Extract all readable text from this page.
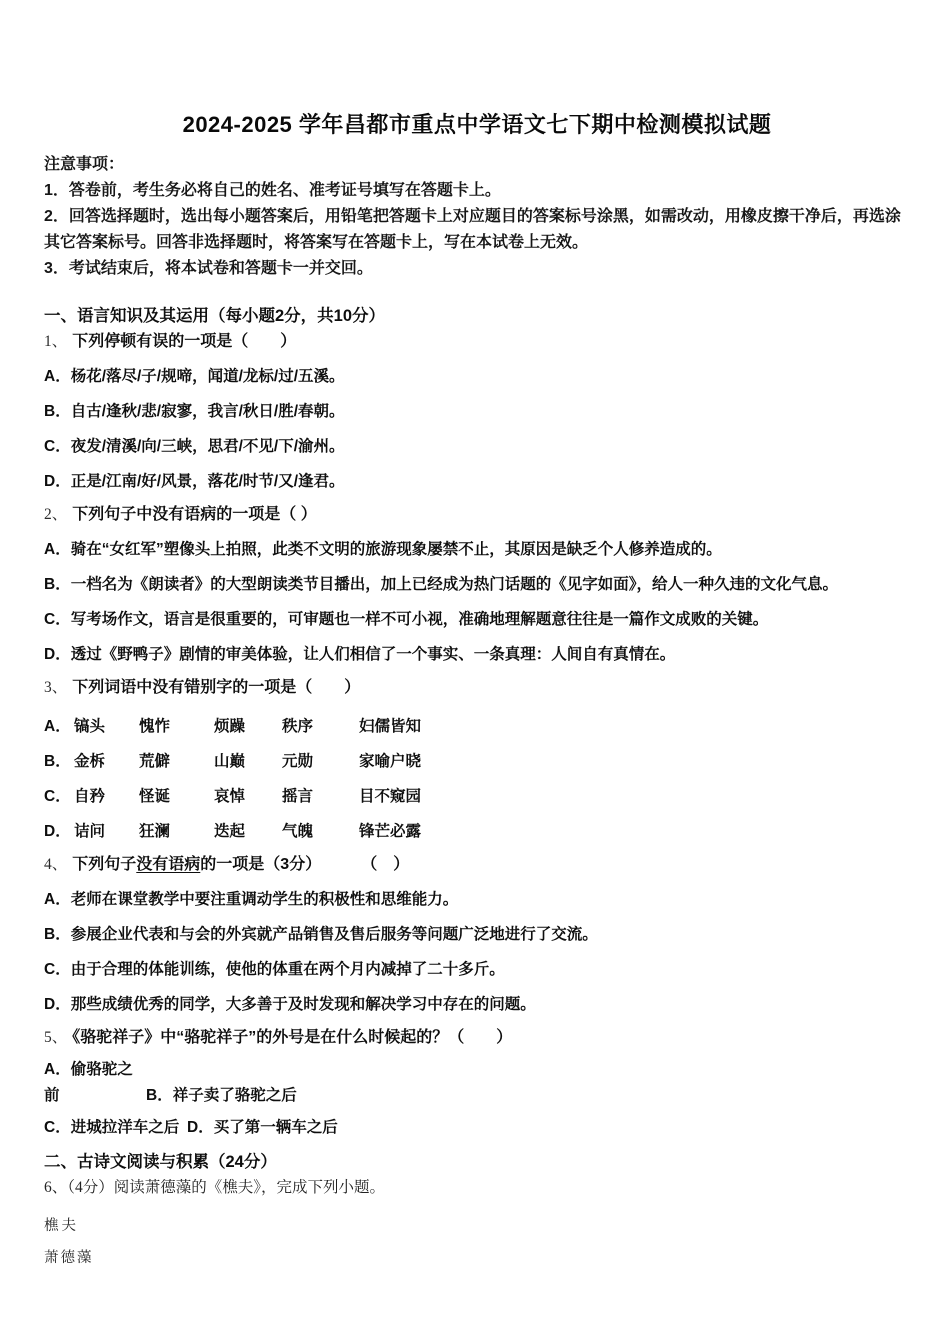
2024-2025 学年昌都市重点中学语文七下期中检测模拟试题

注意事项：

1．答卷前，考生务必将自己的姓名、准考证号填写在答题卡上。

2．回答选择题时，选出每小题答案后，用铅笔把答题卡上对应题目的答案标号涂黑，如需改动，用橡皮擦干净后，再选涂其它答案标号。回答非选择题时，将答案写在答题卡上，写在本试卷上无效。

3．考试结束后，将本试卷和答题卡一并交回。

一、语言知识及其运用（每小题2分，共10分）

1、 下列停顿有误的一项是（　　）

A．杨花/落尽/子/规啼，闻道/龙标/过/五溪。

B．自古/逢秋/悲/寂寥，我言/秋日/胜/春朝。

C．夜发/清溪/向/三峡，思君/不见/下/渝州。

D．正是/江南/好/风景，落花/时节/又/逢君。

2、 下列句子中没有语病的一项是（ ）

A．骑在“女红军”塑像头上拍照，此类不文明的旅游现象屡禁不止，其原因是缺乏个人修养造成的。

B．一档名为《朗读者》的大型朗读类节目播出，加上已经成为热门话题的《见字如面》，给人一种久违的文化气息。

C．写考场作文，语言是很重要的，可审题也一样不可小视，准确地理解题意往往是一篇作文成败的关键。

D．透过《野鸭子》剧情的审美体验，让人们相信了一个事实、一条真理：人间自有真情在。

3、 下列词语中没有错别字的一项是（　　）

A． 镐头 愧怍	烦躁 秩序	妇儒皆知

B． 金柝 荒僻	山巅 元勋	家喻户晓

C． 自矜 怪诞	哀悼 摇言	目不窥园

D． 诘问 狂澜	迭起 气魄	锋芒必露

4、 下列句子没有语病的一项是（3分）	（　）

A．老师在课堂教学中要注重调动学生的积极性和思维能力。

B．参展企业代表和与会的外宾就产品销售及售后服务等问题广泛地进行了交流。

C．由于合理的体能训练，使他的体重在两个月内减掉了二十多斤。

D．那些成绩优秀的同学，大多善于及时发现和解决学习中存在的问题。

5、 《骆驼祥子》中“骆驼祥子”的外号是在什么时候起的？（　　）

A．偷骆驼之前	B．祥子卖了骆驼之后

C．进城拉洋车之后 D．买了第一辆车之后

二、古诗文阅读与积累（24分）

6、（4分）阅读萧德藻的《樵夫》，完成下列小题。

樵夫

萧德藻
